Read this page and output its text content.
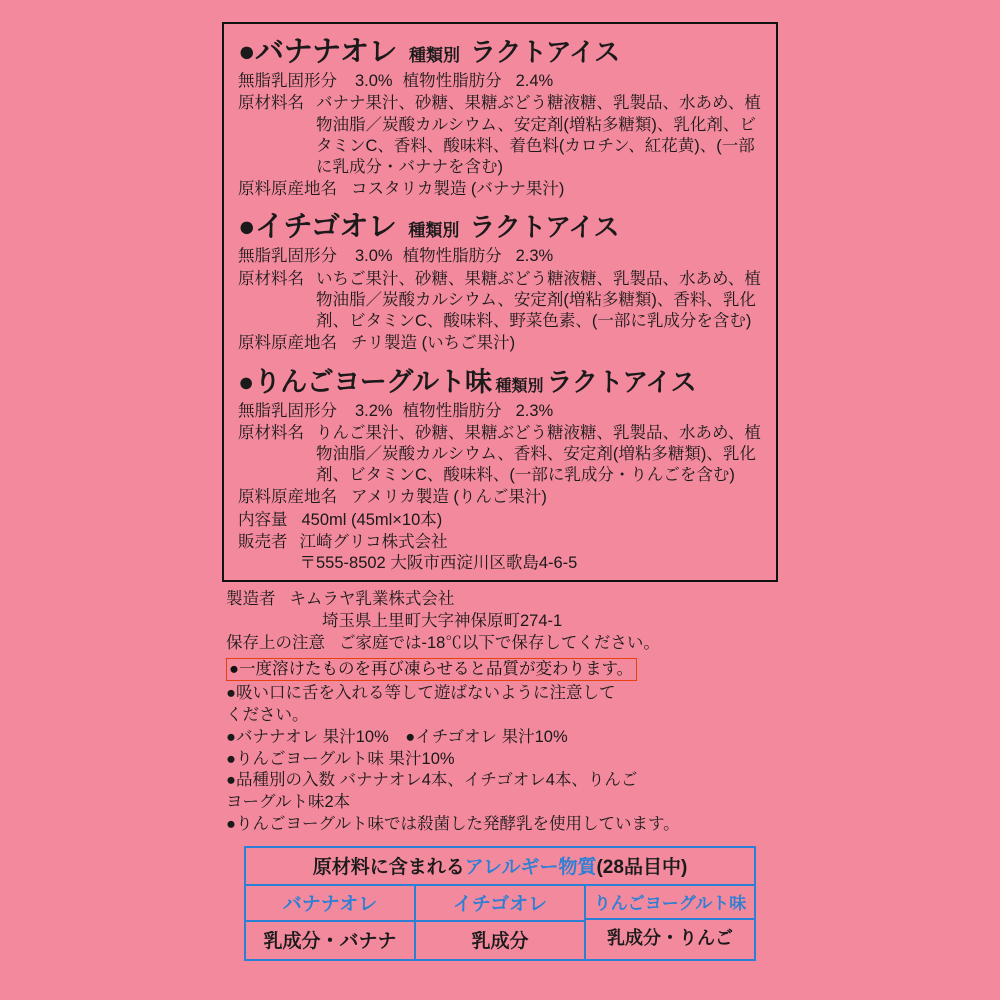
●バナナオレ 種類別 ラクトアイス
無脂乳固形分 3.0% 植物性脂肪分 2.4%
原材料名 バナナ果汁、砂糖、果糖ぶどう糖液糖、乳製品、水あめ、植物油脂／炭酸カルシウム、安定剤(増粘多糖類)、乳化剤、ビタミンC、香料、酸味料、着色料(カロチン、紅花黄)、(一部に乳成分・バナナを含む)
原料原産地名 コスタリカ製造 (バナナ果汁)
●イチゴオレ 種類別 ラクトアイス
無脂乳固形分 3.0% 植物性脂肪分 2.3%
原材料名 いちご果汁、砂糖、果糖ぶどう糖液糖、乳製品、水あめ、植物油脂／炭酸カルシウム、安定剤(増粘多糖類)、香料、乳化剤、ビタミンC、酸味料、野菜色素、(一部に乳成分を含む)
原料原産地名 チリ製造 (いちご果汁)
●りんごヨーグルト味 種類別 ラクトアイス
無脂乳固形分 3.2% 植物性脂肪分 2.3%
原材料名 りんご果汁、砂糖、果糖ぶどう糖液糖、乳製品、水あめ、植物油脂／炭酸カルシウム、香料、安定剤(増粘多糖類)、乳化剤、ビタミンC、酸味料、(一部に乳成分・りんごを含む)
原料原産地名 アメリカ製造 (りんご果汁)
内容量 450ml (45ml×10本)
販売者 江崎グリコ株式会社
〒555-8502 大阪市西淀川区歌島4-6-5
製造者 キムラヤ乳業株式会社
埼玉県上里町大字神保原町274-1
保存上の注意 ご家庭では-18℃以下で保存してください。
●一度溶けたものを再び凍らせると品質が変わります。
●吸い口に舌を入れる等して遊ばないように注意して
ください。
●バナナオレ 果汁10%　●イチゴオレ 果汁10%
●りんごヨーグルト味 果汁10%
●品種別の入数 バナナオレ4本、イチゴオレ4本、りんご
ヨーグルト味2本
●りんごヨーグルト味では殺菌した発酵乳を使用しています。
原材料に含まれるアレルギー物質(28品目中)
バナナオレ
乳成分・バナナ
イチゴオレ
乳成分
りんごヨーグルト味
乳成分・りんご
